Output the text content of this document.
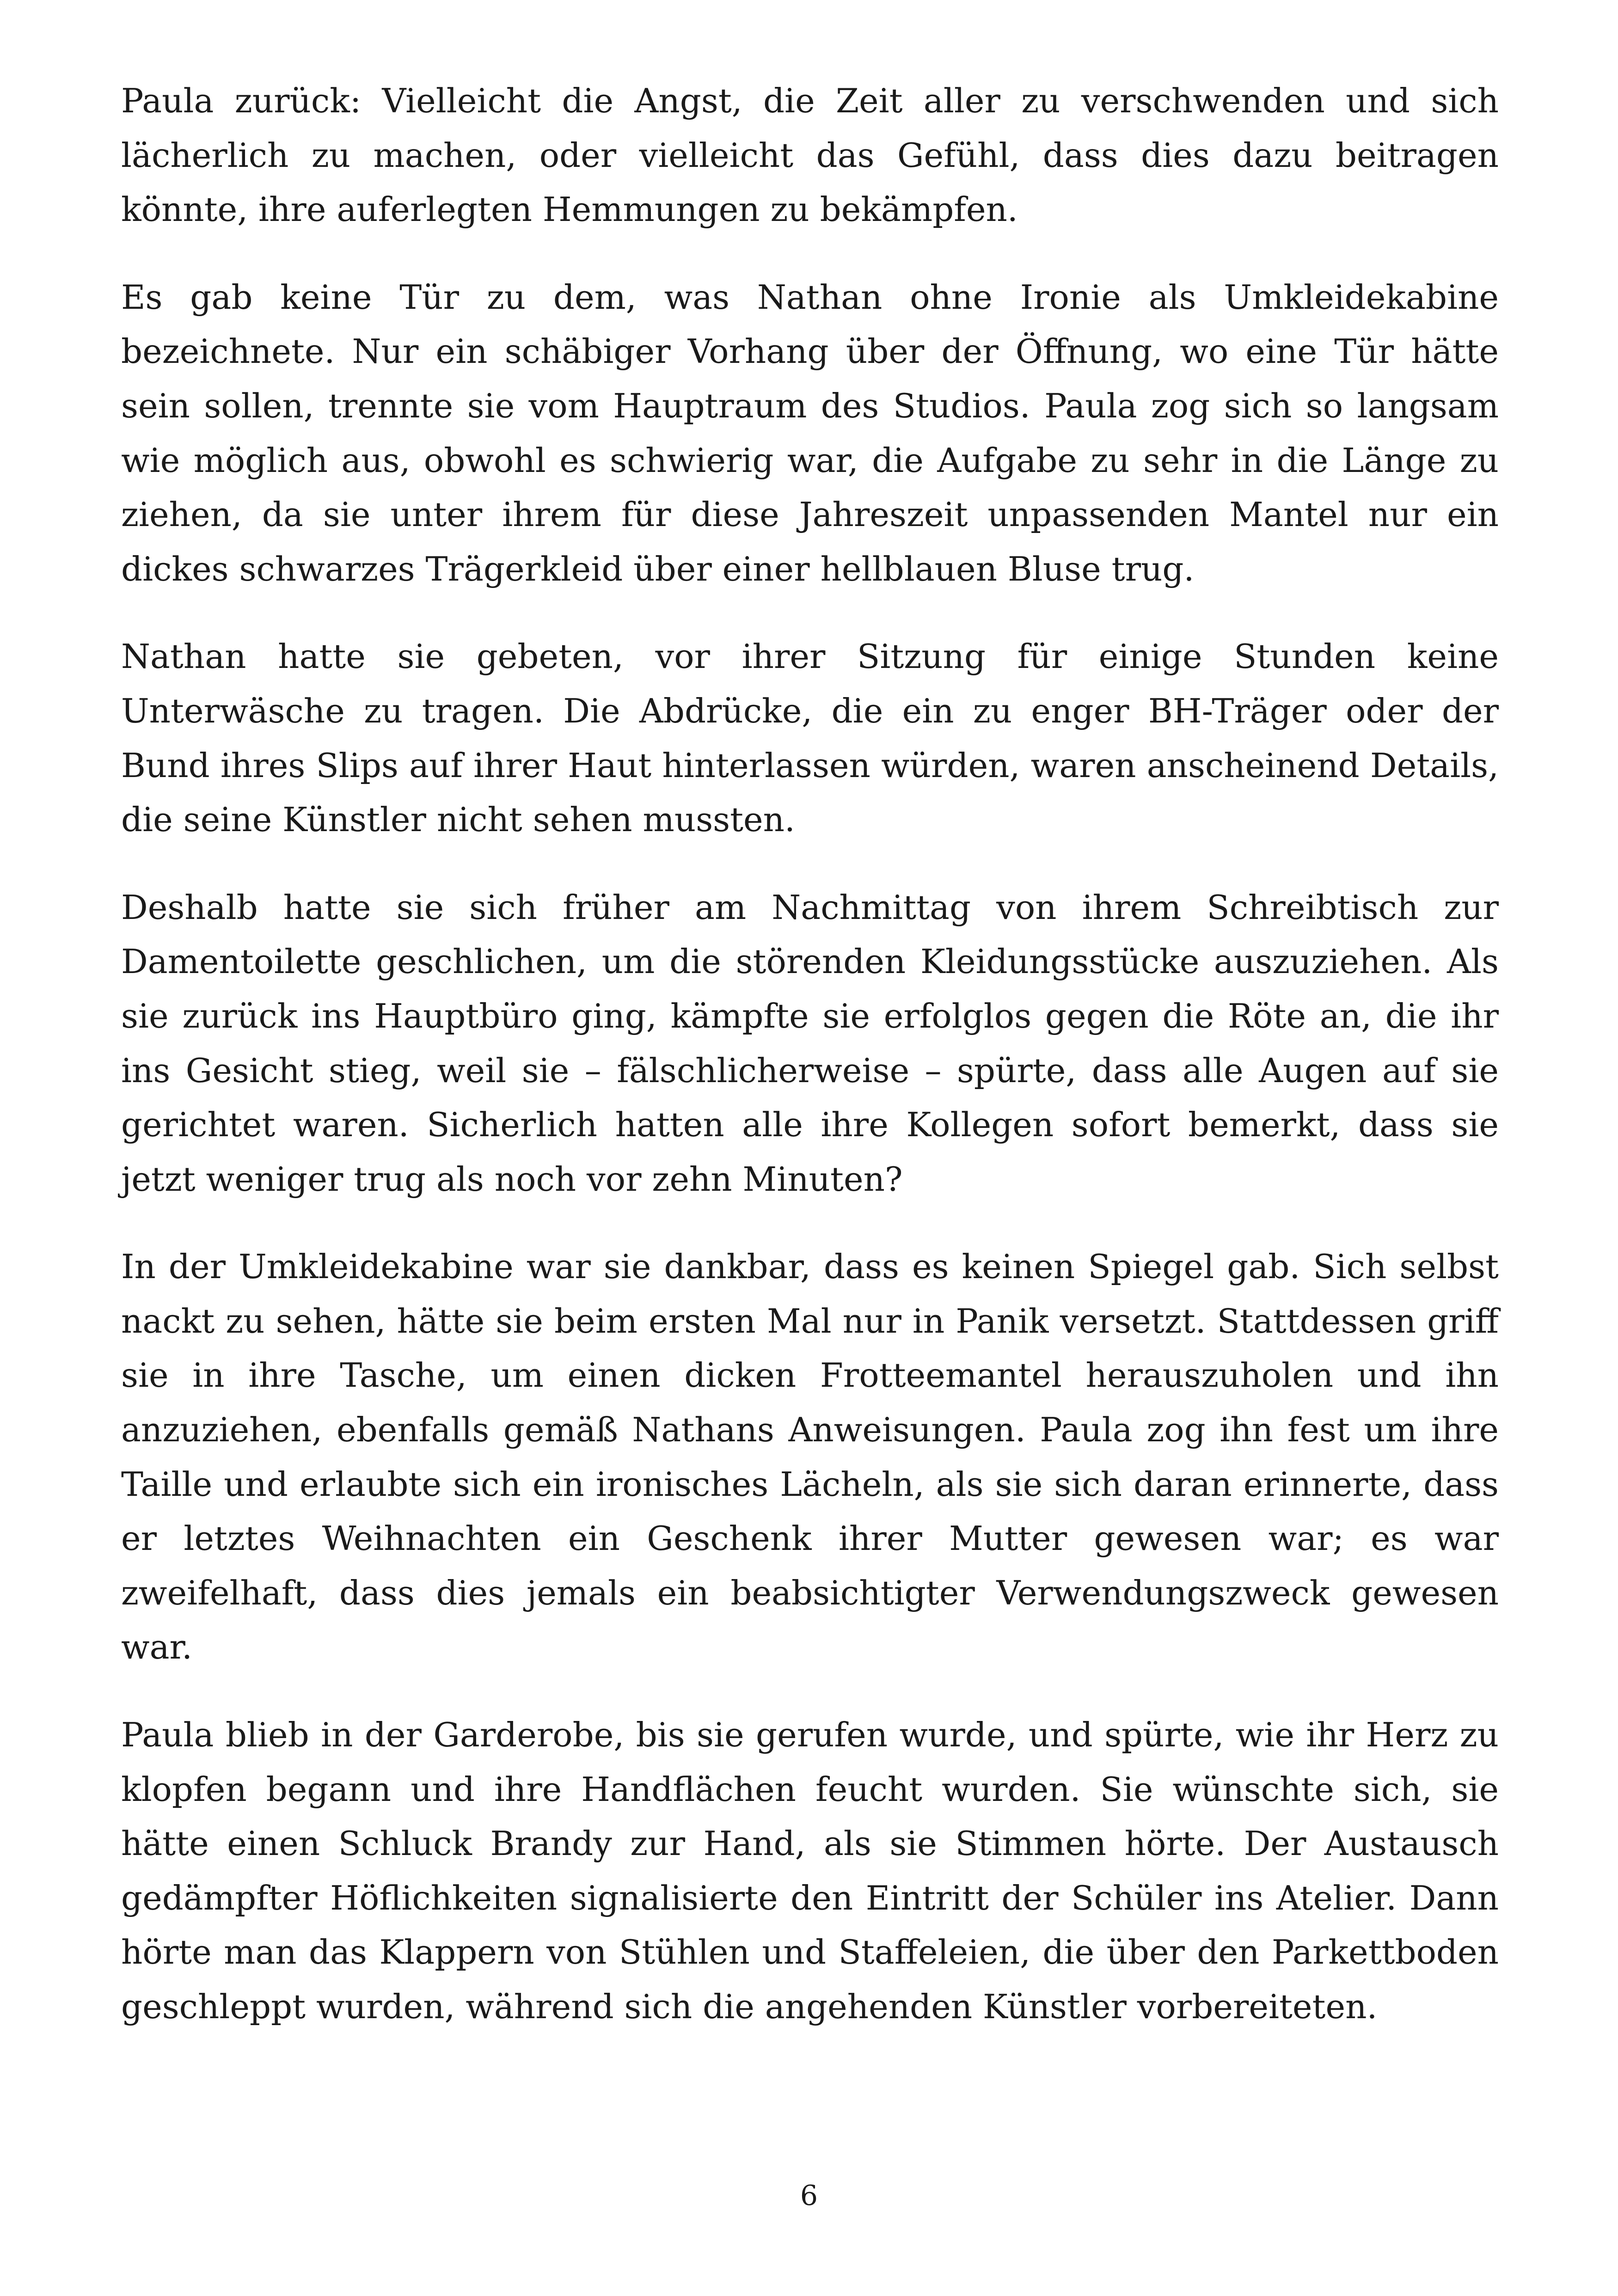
Paula zurück: Vielleicht die Angst, die Zeit aller zu verschwenden und sich lächerlich zu machen, oder vielleicht das Gefühl, dass dies dazu beitragen könnte, ihre auferlegten Hemmungen zu bekämpfen.

Es gab keine Tür zu dem, was Nathan ohne Ironie als Umkleidekabine bezeichnete. Nur ein schäbiger Vorhang über der Öffnung, wo eine Tür hätte sein sollen, trennte sie vom Hauptraum des Studios. Paula zog sich so langsam wie möglich aus, obwohl es schwierig war, die Aufgabe zu sehr in die Länge zu ziehen, da sie unter ihrem für diese Jahreszeit unpassenden Mantel nur ein dickes schwarzes Trägerkleid über einer hellblauen Bluse trug.

Nathan hatte sie gebeten, vor ihrer Sitzung für einige Stunden keine Unterwäsche zu tragen. Die Abdrücke, die ein zu enger BH-Träger oder der Bund ihres Slips auf ihrer Haut hinterlassen würden, waren anscheinend Details, die seine Künstler nicht sehen mussten.

Deshalb hatte sie sich früher am Nachmittag von ihrem Schreibtisch zur Damentoilette geschlichen, um die störenden Kleidungsstücke auszuziehen. Als sie zurück ins Hauptbüro ging, kämpfte sie erfolglos gegen die Röte an, die ihr ins Gesicht stieg, weil sie – fälschlicherweise – spürte, dass alle Augen auf sie gerichtet waren. Sicherlich hatten alle ihre Kollegen sofort bemerkt, dass sie jetzt weniger trug als noch vor zehn Minuten?

In der Umkleidekabine war sie dankbar, dass es keinen Spiegel gab. Sich selbst nackt zu sehen, hätte sie beim ersten Mal nur in Panik versetzt. Stattdessen griff sie in ihre Tasche, um einen dicken Frotteemantel herauszuholen und ihn anzuziehen, ebenfalls gemäß Nathans Anweisungen. Paula zog ihn fest um ihre Taille und erlaubte sich ein ironisches Lächeln, als sie sich daran erinnerte, dass er letztes Weihnachten ein Geschenk ihrer Mutter gewesen war; es war zweifelhaft, dass dies jemals ein beabsichtigter Verwendungszweck gewesen war.

Paula blieb in der Garderobe, bis sie gerufen wurde, und spürte, wie ihr Herz zu klopfen begann und ihre Handflächen feucht wurden. Sie wünschte sich, sie hätte einen Schluck Brandy zur Hand, als sie Stimmen hörte. Der Austausch gedämpfter Höflichkeiten signalisierte den Eintritt der Schüler ins Atelier. Dann hörte man das Klappern von Stühlen und Staffeleien, die über den Parkettboden geschleppt wurden, während sich die angehenden Künstler vorbereiteten.

6
